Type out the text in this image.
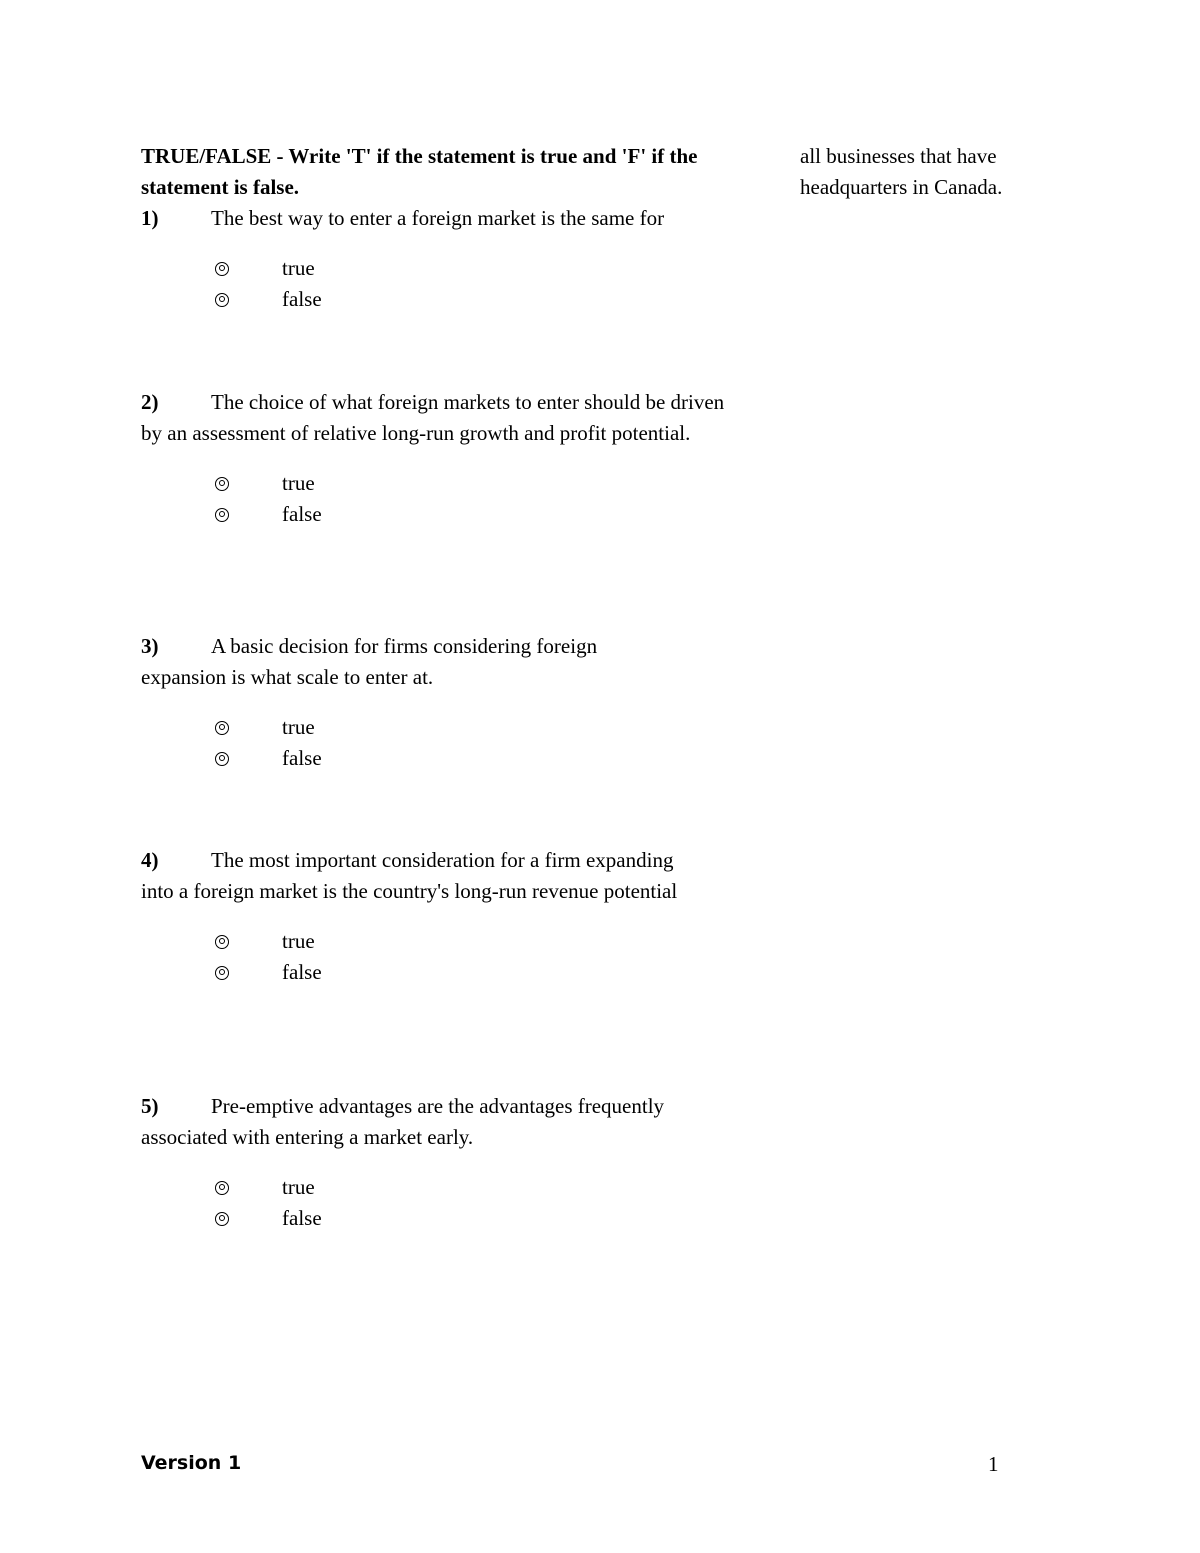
TRUE/FALSE - Write 'T' if the statement is true and 'F' if the statement is false.

1)	The best way to enter a foreign market is the same for

true
false

2)	The choice of what foreign markets to enter should be driven by an assessment of relative long-run growth and profit potential.

true
false

3)	A basic decision for firms considering foreign expansion is what scale to enter at.

true
false

4)	The most important consideration for a firm expanding into a foreign market is the country's long-run revenue potential

true
false

5)	Pre-emptive advantages are the advantages frequently associated with entering a market early.

true
false
all businesses that have headquarters in Canada.
Version 1	1
